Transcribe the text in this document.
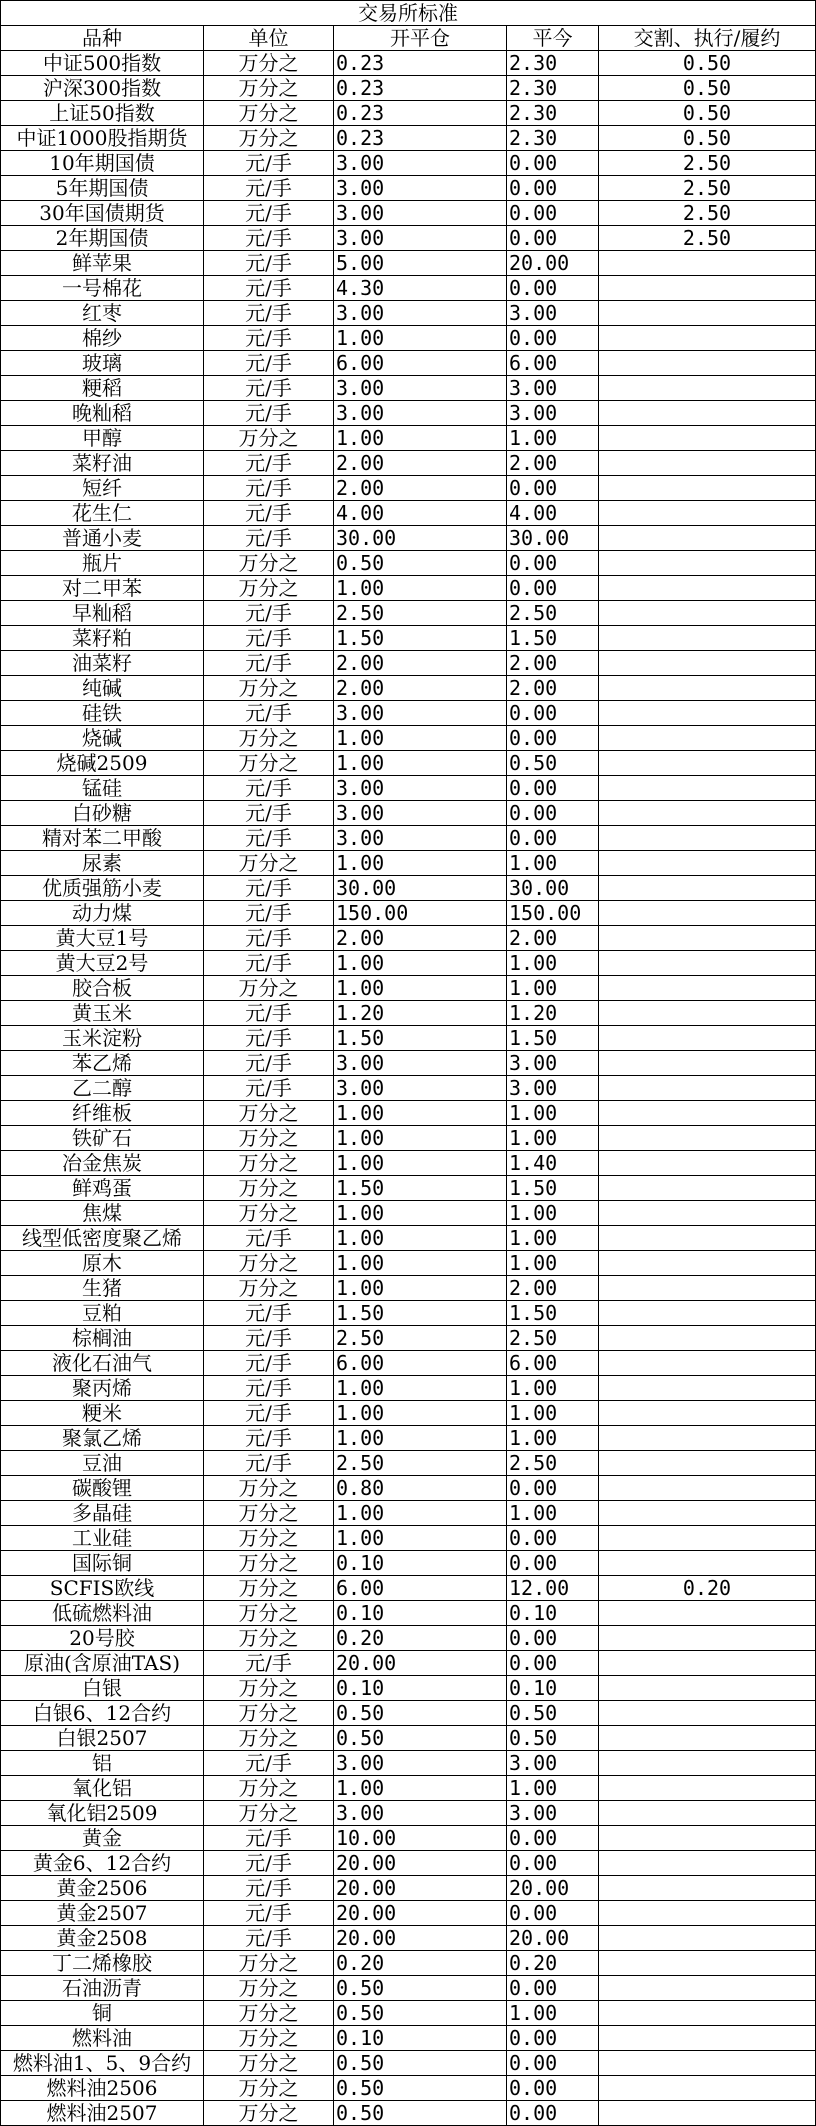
交易所标准				
品种	单位	开平仓	平今	交割、执行/履约
中证500指数	万分之	0.23	2.30	0.50
沪深300指数	万分之	0.23	2.30	0.50
上证50指数	万分之	0.23	2.30	0.50
中证1000股指期货	万分之	0.23	2.30	0.50
10年期国债	元/手	3.00	0.00	2.50
5年期国债	元/手	3.00	0.00	2.50
30年国债期货	元/手	3.00	0.00	2.50
2年期国债	元/手	3.00	0.00	2.50
鲜苹果	元/手	5.00	20.00	
一号棉花	元/手	4.30	0.00	
红枣	元/手	3.00	3.00	
棉纱	元/手	1.00	0.00	
玻璃	元/手	6.00	6.00	
粳稻	元/手	3.00	3.00	
晚籼稻	元/手	3.00	3.00	
甲醇	万分之	1.00	1.00	
菜籽油	元/手	2.00	2.00	
短纤	元/手	2.00	0.00	
花生仁	元/手	4.00	4.00	
普通小麦	元/手	30.00	30.00	
瓶片	万分之	0.50	0.00	
对二甲苯	万分之	1.00	0.00	
早籼稻	元/手	2.50	2.50	
菜籽粕	元/手	1.50	1.50	
油菜籽	元/手	2.00	2.00	
纯碱	万分之	2.00	2.00	
硅铁	元/手	3.00	0.00	
烧碱	万分之	1.00	0.00	
烧碱2509	万分之	1.00	0.50	
锰硅	元/手	3.00	0.00	
白砂糖	元/手	3.00	0.00	
精对苯二甲酸	元/手	3.00	0.00	
尿素	万分之	1.00	1.00	
优质强筋小麦	元/手	30.00	30.00	
动力煤	元/手	150.00	150.00	
黄大豆1号	元/手	2.00	2.00	
黄大豆2号	元/手	1.00	1.00	
胶合板	万分之	1.00	1.00	
黄玉米	元/手	1.20	1.20	
玉米淀粉	元/手	1.50	1.50	
苯乙烯	元/手	3.00	3.00	
乙二醇	元/手	3.00	3.00	
纤维板	万分之	1.00	1.00	
铁矿石	万分之	1.00	1.00	
冶金焦炭	万分之	1.00	1.40	
鲜鸡蛋	万分之	1.50	1.50	
焦煤	万分之	1.00	1.00	
线型低密度聚乙烯	元/手	1.00	1.00	
原木	万分之	1.00	1.00	
生猪	万分之	1.00	2.00	
豆粕	元/手	1.50	1.50	
棕榈油	元/手	2.50	2.50	
液化石油气	元/手	6.00	6.00	
聚丙烯	元/手	1.00	1.00	
粳米	元/手	1.00	1.00	
聚氯乙烯	元/手	1.00	1.00	
豆油	元/手	2.50	2.50	
碳酸锂	万分之	0.80	0.00	
多晶硅	万分之	1.00	1.00	
工业硅	万分之	1.00	0.00	
国际铜	万分之	0.10	0.00	
SCFIS欧线	万分之	6.00	12.00	0.20
低硫燃料油	万分之	0.10	0.10	
20号胶	万分之	0.20	0.00	
原油(含原油TAS)	元/手	20.00	0.00	
白银	万分之	0.10	0.10	
白银6、12合约	万分之	0.50	0.50	
白银2507	万分之	0.50	0.50	
铝	元/手	3.00	3.00	
氧化铝	万分之	1.00	1.00	
氧化铝2509	万分之	3.00	3.00	
黄金	元/手	10.00	0.00	
黄金6、12合约	元/手	20.00	0.00	
黄金2506	元/手	20.00	20.00	
黄金2507	元/手	20.00	0.00	
黄金2508	元/手	20.00	20.00	
丁二烯橡胶	万分之	0.20	0.20	
石油沥青	万分之	0.50	0.00	
铜	万分之	0.50	1.00	
燃料油	万分之	0.10	0.00	
燃料油1、5、9合约	万分之	0.50	0.00	
燃料油2506	万分之	0.50	0.00	
燃料油2507	万分之	0.50	0.00	
